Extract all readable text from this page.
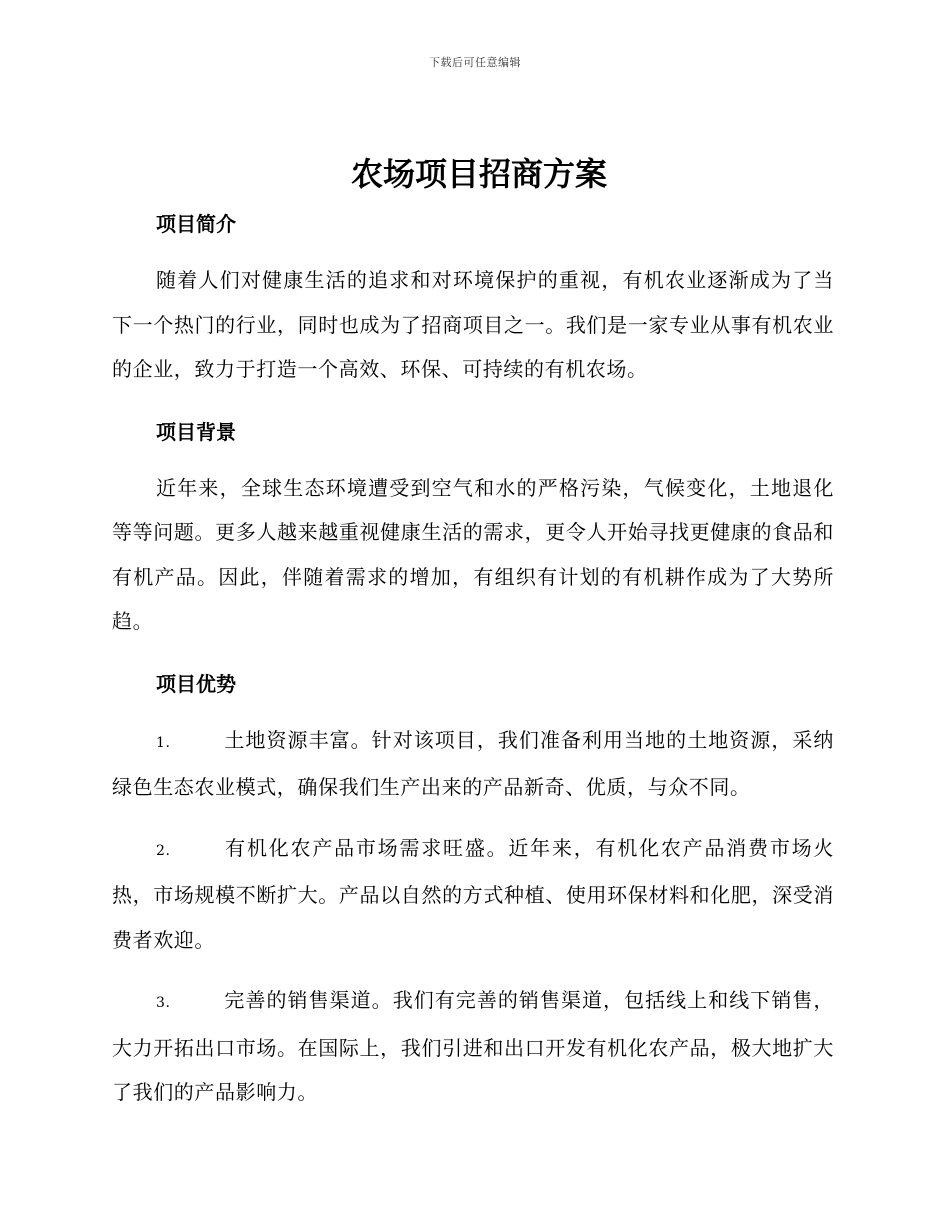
下载后可任意编辑
农场项目招商方案
项目简介

随着人们对健康生活的追求和对环境保护的重视，有机农业逐渐成为了当下一个热门的行业，同时也成为了招商项目之一。我们是一家专业从事有机农业的企业，致力于打造一个高效、环保、可持续的有机农场。

项目背景

近年来，全球生态环境遭受到空气和水的严格污染，气候变化，土地退化等等问题。更多人越来越重视健康生活的需求，更令人开始寻找更健康的食品和有机产品。因此，伴随着需求的增加，有组织有计划的有机耕作成为了大势所趋。

项目优势

1.	土地资源丰富。针对该项目，我们准备利用当地的土地资源，采纳绿色生态农业模式，确保我们生产出来的产品新奇、优质，与众不同。

2.	有机化农产品市场需求旺盛。近年来，有机化农产品消费市场火热，市场规模不断扩大。产品以自然的方式种植、使用环保材料和化肥，深受消费者欢迎。

3.	完善的销售渠道。我们有完善的销售渠道，包括线上和线下销售，大力开拓出口市场。在国际上，我们引进和出口开发有机化农产品，极大地扩大了我们的产品影响力。
